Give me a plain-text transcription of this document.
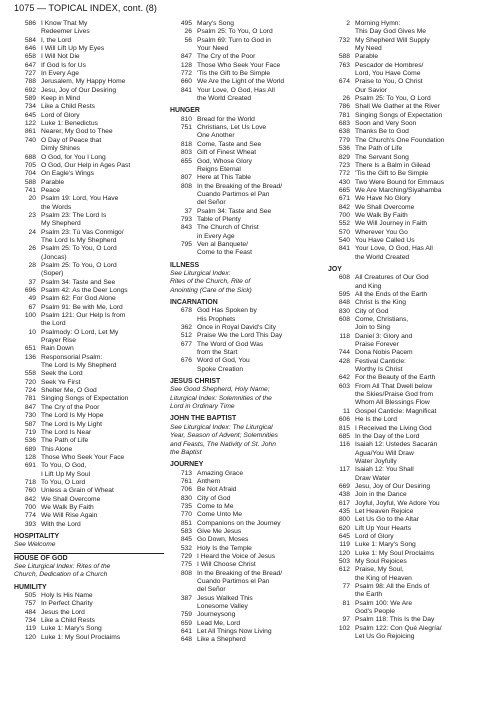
1075 — TOPICAL INDEX, cont. (8)
586 I Know That My
Redeemer Lives
584 I, the Lord
646 I Will Lift Up My Eyes
658 I Will Not Die
647 If God Is for Us
727 In Every Age
788 Jerusalem, My Happy Home
692 Jesu, Joy of Our Desiring
589 Keep in Mind
734 Like a Child Rests
645 Lord of Glory
122 Luke 1: Benedictus
861 Nearer, My God to Thee
740 O Day of Peace that
Dimly Shines
688 O God, for You I Long
705 O God, Our Help in Ages Past
704 On Eagle's Wings
588 Parable
741 Peace
20 Psalm 19: Lord, You Have
the Words
23 Psalm 23: The Lord Is
My Shepherd
24 Psalm 23: Tú Vas Conmigo/
The Lord Is My Shepherd
26 Psalm 25: To You, O Lord
(Joncas)
28 Psalm 25: To You, O Lord
(Soper)
37 Psalm 34: Taste and See
696 Psalm 42: As the Deer Longs
49 Psalm 62: For God Alone
67 Psalm 91: Be with Me, Lord
100 Psalm 121: Our Help Is from
the Lord
10 Psalmody: O Lord, Let My
Prayer Rise
651 Rain Down
136 Responsorial Psalm:
The Lord Is My Shepherd
558 Seek the Lord
720 Seek Ye First
724 Shelter Me, O God
781 Singing Songs of Expectation
847 The Cry of the Poor
730 The Lord Is My Hope
587 The Lord Is My Light
719 The Lord Is Near
536 The Path of Life
689 This Alone
128 Those Who Seek Your Face
691 To You, O God,
I Lift Up My Soul
718 To You, O Lord
760 Unless a Grain of Wheat
842 We Shall Overcome
700 We Walk By Faith
774 We Will Rise Again
393 With the Lord
HOSPITALITY
See Welcome
HOUSE OF GOD
See Liturgical Index: Rites of the
Church, Dedication of a Church
HUMILITY
505 Holy Is His Name
757 In Perfect Charity
484 Jesus the Lord
734 Like a Child Rests
119 Luke 1: Mary's Song
120 Luke 1: My Soul Proclaims
495 Mary's Song
26 Psalm 25: To You, O Lord
56 Psalm 69: Turn to God in
Your Need
847 The Cry of the Poor
128 Those Who Seek Your Face
772 'Tis the Gift to Be Simple
660 We Are the Light of the World
841 Your Love, O God, Has All
the World Created
HUNGER
810 Bread for the World
751 Christians, Let Us Love
One Another
818 Come, Taste and See
803 Gift of Finest Wheat
655 God, Whose Glory
Reigns Eternal
807 Here at This Table
808 In the Breaking of the Bread/
Cuando Partimos el Pan
del Señor
37 Psalm 34: Taste and See
793 Table of Plenty
843 The Church of Christ
in Every Age
795 Ven al Banquete/
Come to the Feast
ILLNESS
See Liturgical Index:
Rites of the Church, Rite of
Anointing (Care of the Sick)
INCARNATION
678 God Has Spoken by
His Prophets
362 Once in Royal David's City
512 Praise We the Lord This Day
677 The Word of God Was
from the Start
676 Word of God, You
Spoke Creation
JESUS CHRIST
See Good Shepherd, Holy Name;
Liturgical Index: Solemnities of the
Lord in Ordinary Time
JOHN THE BAPTIST
See Liturgical Index: The Liturgical
Year, Season of Advent; Solemnities
and Feasts, The Nativity of St. John
the Baptist
JOURNEY
713 Amazing Grace
761 Anthem
706 Be Not Afraid
830 City of God
735 Come to Me
770 Come Unto Me
851 Companions on the Journey
583 Give Me Jesus
845 Go Down, Moses
532 Holy Is the Temple
729 I Heard the Voice of Jesus
775 I Will Choose Christ
808 In the Breaking of the Bread/
Cuando Partimos el Pan
del Señor
387 Jesus Walked This
Lonesome Valley
759 Journeysong
659 Lead Me, Lord
641 Let All Things Now Living
648 Like a Shepherd
2 Morning Hymn:
This Day God Gives Me
732 My Shepherd Will Supply
My Need
588 Parable
763 Pescador de Hombres/
Lord, You Have Come
674 Praise to You, O Christ
Our Savior
26 Psalm 25: To You, O Lord
786 Shall We Gather at the River
781 Singing Songs of Expectation
683 Soon and Very Soon
638 Thanks Be to God
779 The Church's One Foundation
536 The Path of Life
829 The Servant Song
723 There Is a Balm in Gilead
772 'Tis the Gift to Be Simple
430 Two Were Bound for Emmaus
665 We Are Marching/Siyahamba
671 We Have No Glory
842 We Shall Overcome
700 We Walk By Faith
552 We Will Journey in Faith
570 Wherever You Go
540 You Have Called Us
841 Your Love, O God, Has All
the World Created
JOY
608 All Creatures of Our God
and King
595 All the Ends of the Earth
848 Christ Is the King
830 City of God
608 Come, Christians,
Join to Sing
118 Daniel 3: Glory and
Praise Forever
744 Dona Nobis Pacem
428 Festival Canticle:
Worthy Is Christ
642 For the Beauty of the Earth
603 From All That Dwell below
the Skies/Praise God from
Whom All Blessings Flow
11 Gospel Canticle: Magnificat
606 He Is the Lord
815 I Received the Living God
685 In the Day of the Lord
116 Isaiah 12: Ustedes Sacarán
Agua/You Will Draw
Water Joyfully
117 Isaiah 12: You Shall
Draw Water
669 Jesu, Joy of Our Desiring
438 Join in the Dance
617 Joyful, Joyful, We Adore You
435 Let Heaven Rejoice
800 Let Us Go to the Altar
620 Lift Up Your Hearts
645 Lord of Glory
119 Luke 1: Mary's Song
120 Luke 1: My Soul Proclaims
503 My Soul Rejoices
612 Praise, My Soul,
the King of Heaven
77 Psalm 98: All the Ends of
the Earth
81 Psalm 100: We Are
God's People
97 Psalm 118: This Is the Day
102 Psalm 122: Con Qué Alegría/
Let Us Go Rejoicing
